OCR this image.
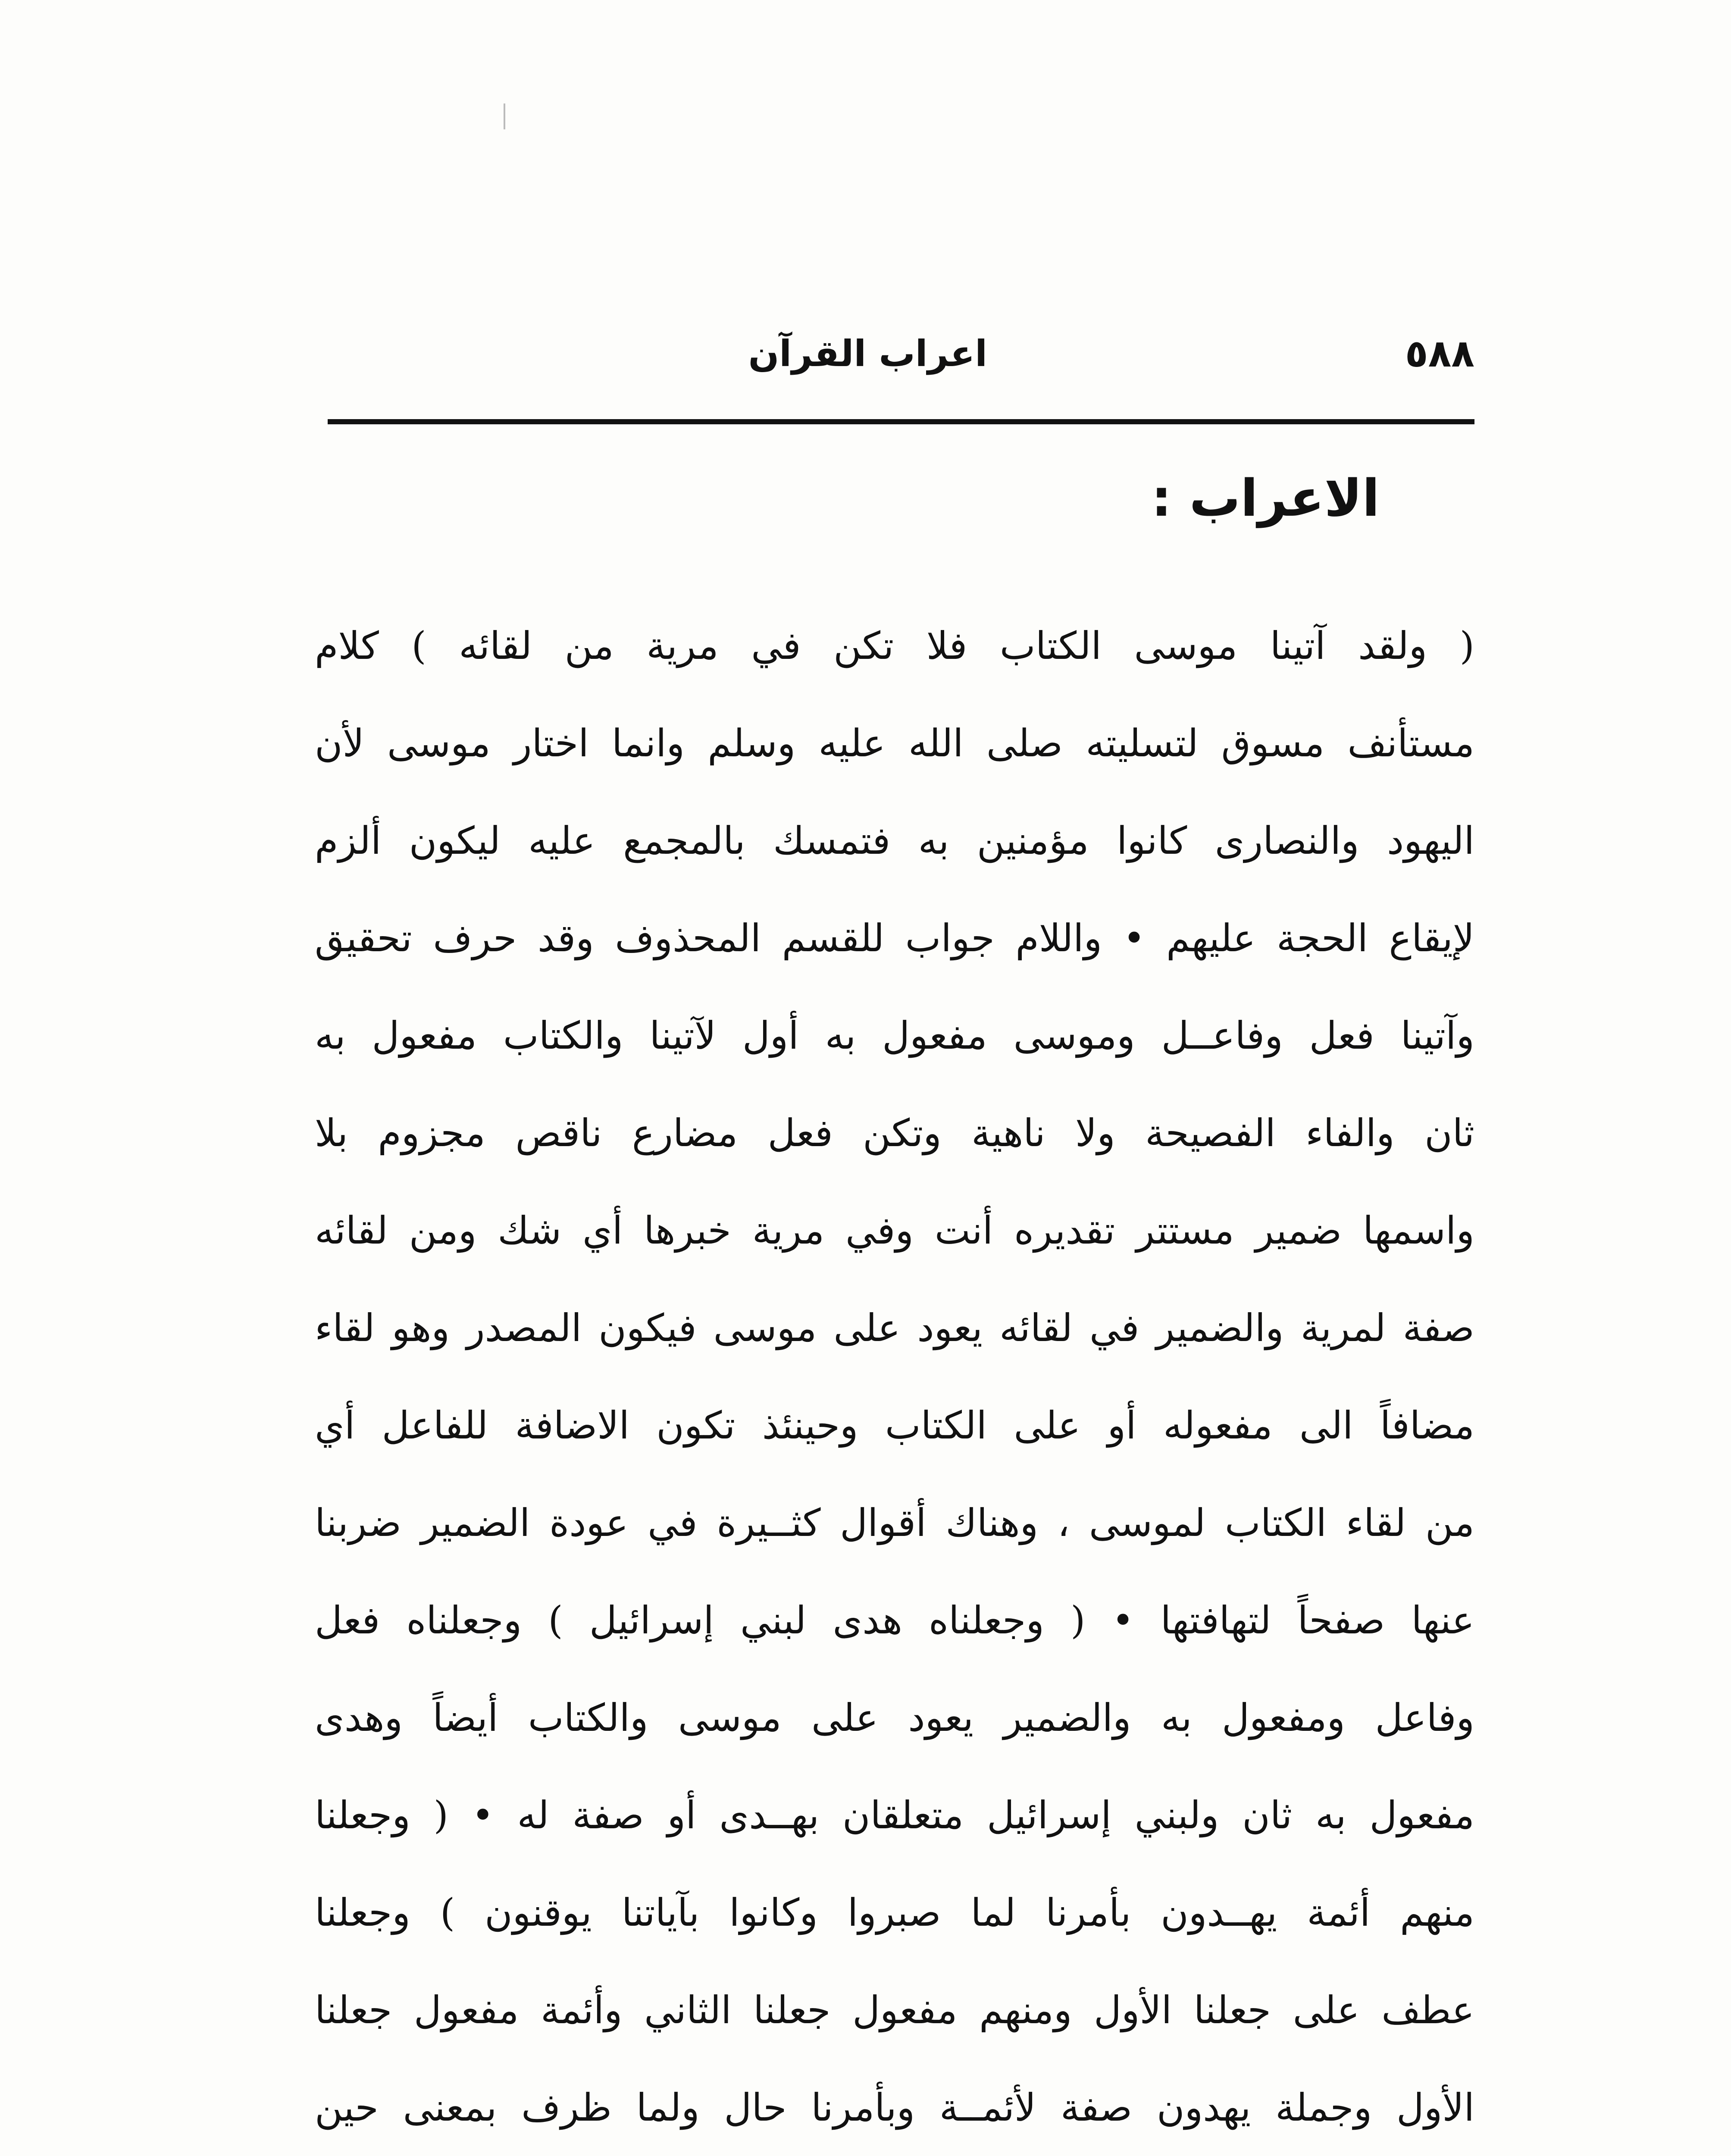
٥٨٨
اعراب القرآن
الاعراب :
( ولقد آتينا موسى الكتاب فلا تكن في مرية من لقائه ) كلام
مستأنف مسوق لتسليته صلى الله عليه وسلم وانما اختار موسى لأن
اليهود والنصارى كانوا مؤمنين به فتمسك بالمجمع عليه ليكون ألزم
لإيقاع الحجة عليهم • واللام جواب للقسم المحذوف وقد حرف تحقيق
وآتينا فعل وفاعــل وموسى مفعول به أول لآتينا والكتاب مفعول به
ثان والفاء الفصيحة ولا ناهية وتكن فعل مضارع ناقص مجزوم بلا
واسمها ضمير مستتر تقديره أنت وفي مرية خبرها أي شك ومن لقائه
صفة لمرية والضمير في لقائه يعود على موسى فيكون المصدر وهو لقاء
مضافاً الى مفعوله أو على الكتاب وحينئذ تكون الاضافة للفاعل أي
من لقاء الكتاب لموسى ، وهناك أقوال كثــيرة في عودة الضمير ضربنا
عنها صفحاً لتهافتها • ( وجعلناه هدى لبني إسرائيل ) وجعلناه فعل
وفاعل ومفعول به والضمير يعود على موسى والكتاب أيضاً وهدى
مفعول به ثان ولبني إسرائيل متعلقان بهــدى أو صفة له • ( وجعلنا
منهم أئمة يهــدون بأمرنا لما صبروا وكانوا بآياتنا يوقنون ) وجعلنا
عطف على جعلنا الأول ومنهم مفعول جعلنا الثاني وأئمة مفعول جعلنا
الأول وجملة يهدون صفة لأئمــة وبأمرنا حال ولما ظرف بمعنى حين
